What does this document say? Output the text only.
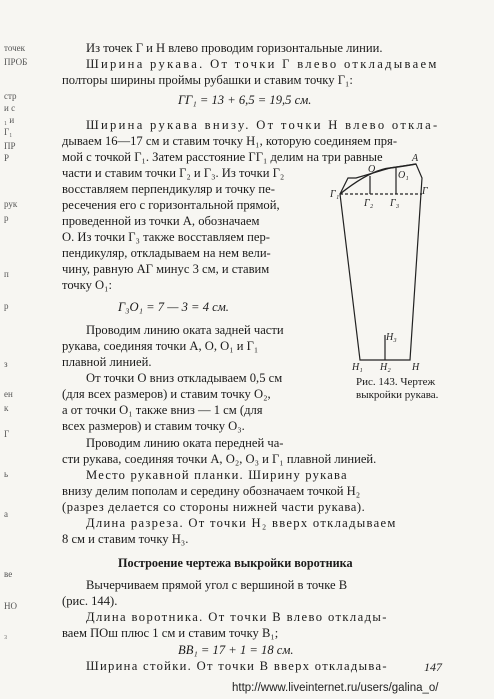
точек
ПРОБ
стр
и с
₁ и
Г₁
ПР
Р
рук
р
п
р
з
ен
к
Г
ь
а
ве
НО
₃
Из точек Г и Н влево проводим горизонтальные линии.
Ширина рукава. От точки Г влево откладываем
полторы ширины проймы рубашки и ставим точку Г₁:
ГГ₁ = 13 + 6,5 = 19,5 см.
Ширина рукава внизу. От точки Н влево откла-
дываем 16—17 см и ставим точку Н₁, которую соединяем пря-
мой с точкой Г₁. Затем расстояние ГГ₁ делим на три равные
части и ставим точки Г₂ и Г₃. Из точки Г₂
восставляем перпендикуляр и точку пе-
ресечения его с горизонтальной прямой,
проведенной из точки А, обозначаем
О. Из точки Г₃ также восставляем пер-
пендикуляр, откладываем на нем вели-
чину, равную АГ минус 3 см, и ставим
точку О₁:
Г₃О₁ = 7 — 3 = 4 см.
Проводим линию оката задней части
рукава, соединяя точки А, О, О₁ и Г₁
плавной линией.
От точки О вниз откладываем 0,5 см
(для всех размеров) и ставим точку О₂,
а от точки О₁ также вниз — 1 см (для
всех размеров) и ставим точку О₃.
Проводим линию оката передней ча-
сти рукава, соединяя точки А, О₂, О₃ и Г₁ плавной линией.
Место рукавной планки. Ширину рукава
внизу делим пополам и середину обозначаем точкой Н₂
(разрез делается со стороны нижней части рукава).
Длина разреза. От точки Н₂ вверх откладываем
8 см и ставим точку Н₃.
Построение чертежа выкройки воротника
Вычерчиваем прямой угол с вершиной в точке В
(рис. 144).
Длина воротника. От точки В влево отклады-
ваем ПОш плюс 1 см и ставим точку В₁;
ВВ₁ = 17 + 1 = 18 см.
Г₁
О
А
О₁
Г₂ Г₃
Г
Н₁ Н₂
Н₃
Н
Рис. 143. Чертеж
выкройки рукава.
Ширина стойки. От точки В вверх откладыва-	147
http://www.liveinternet.ru/users/galina_o/
